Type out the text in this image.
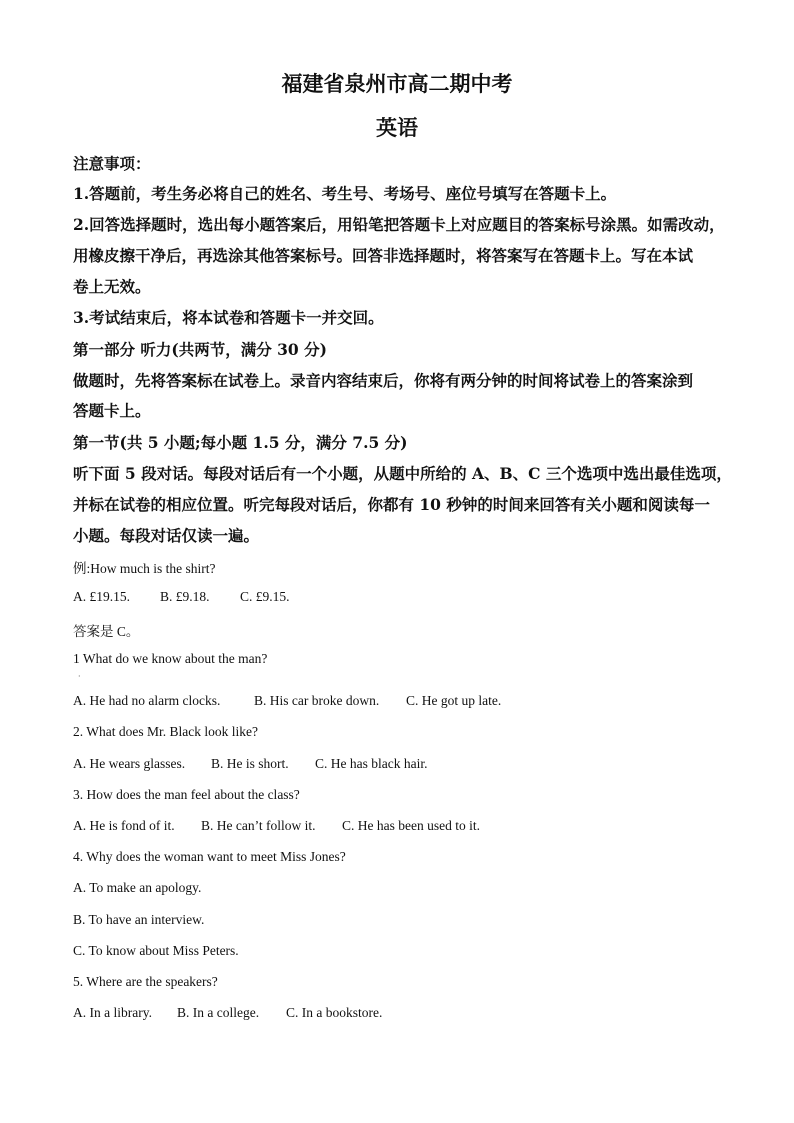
福建省泉州市高二期中考
英语
注意事项：
1.答题前，考生务必将自己的姓名、考生号、考场号、座位号填写在答题卡上。
2.回答选择题时，选出每小题答案后，用铅笔把答题卡上对应题目的答案标号涂黑。如需改动，
用橡皮擦干净后，再选涂其他答案标号。回答非选择题时，将答案写在答题卡上。写在本试
卷上无效。
3.考试结束后，将本试卷和答题卡一并交回。
第一部分 听力(共两节，满分 30 分)
做题时，先将答案标在试卷上。录音内容结束后，你将有两分钟的时间将试卷上的答案涂到
答题卡上。
第一节(共 5 小题;每小题 1.5 分，满分 7.5 分)
听下面 5 段对话。每段对话后有一个小题，从题中所给的 A、B、C 三个选项中选出最佳选项，
并标在试卷的相应位置。听完每段对话后，你都有 10 秒钟的时间来回答有关小题和阅读每一
小题。每段对话仅读一遍。
例:How much is the shirt?
A. £19.15. B. £9.18. C. £9.15.
答案是 C。
1 What do we know about the man?
·
A. He had no alarm clocks. B. His car broke down. C. He got up late.
2. What does Mr. Black look like?
A. He wears glasses. B. He is short. C. He has black hair.
3. How does the man feel about the class?
A. He is fond of it. B. He can’t follow it. C. He has been used to it.
4. Why does the woman want to meet Miss Jones?
A. To make an apology.
B. To have an interview.
C. To know about Miss Peters.
5. Where are the speakers?
A. In a library. B. In a college. C. In a bookstore.
